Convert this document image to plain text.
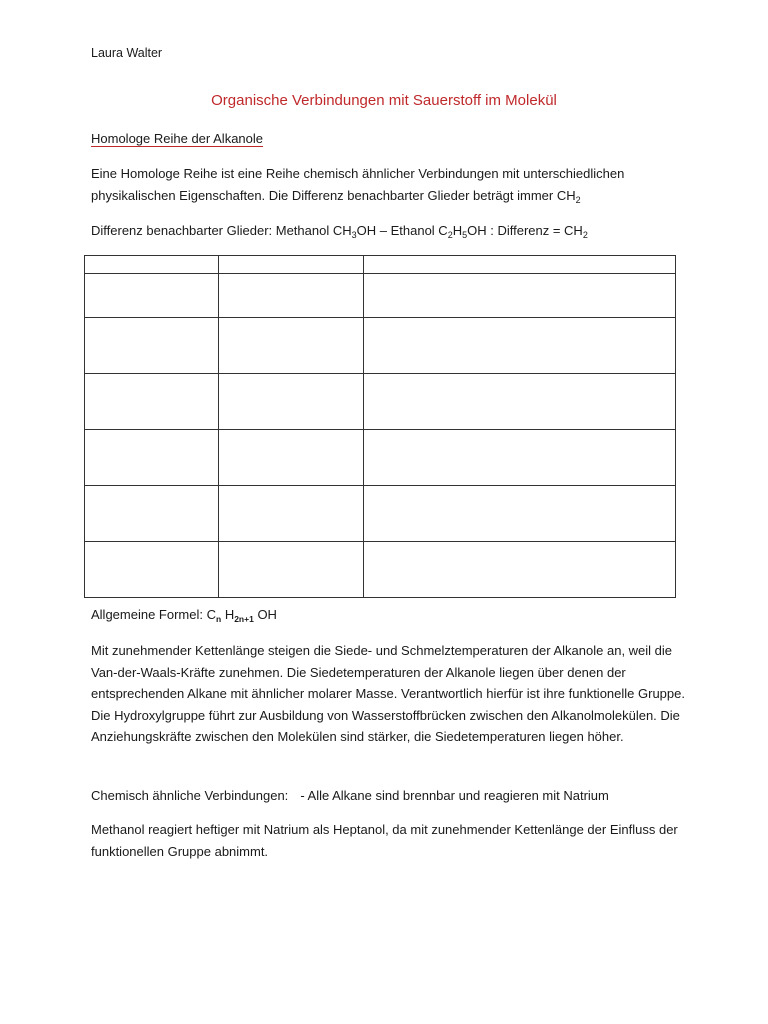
Laura Walter
Organische Verbindungen mit Sauerstoff im Molekül
Homologe Reihe der Alkanole
Eine Homologe Reihe ist eine Reihe chemisch ähnlicher Verbindungen mit unterschiedlichen physikalischen Eigenschaften. Die Differenz benachbarter Glieder beträgt immer $CH_2$
Differenz benachbarter Glieder: Methanol $CH_3OH$ – Ethanol $C_2H_5OH$ : Differenz = $CH_2$

Allgemeine Formel: $C_n$ $H_{2n+1}$ OH
Mit zunehmender Kettenlänge steigen die Siede- und Schmelztemperaturen der Alkanole an, weil die Van-der-Waals-Kräfte zunehmen. Die Siedetemperaturen der Alkanole liegen über denen der entsprechenden Alkane mit ähnlicher molarer Masse. Verantwortlich hierfür ist ihre funktionelle Gruppe. Die Hydroxylgruppe führt zur Ausbildung von Wasserstoffbrücken zwischen den Alkanolmolekülen. Die Anziehungskräfte zwischen den Molekülen sind stärker, die Siedetemperaturen liegen höher.
Chemisch ähnliche Verbindungen: - Alle Alkane sind brennbar und reagieren mit Natrium
Methanol reagiert heftiger mit Natrium als Heptanol, da mit zunehmender Kettenlänge der Einfluss der funktionellen Gruppe abnimmt.
